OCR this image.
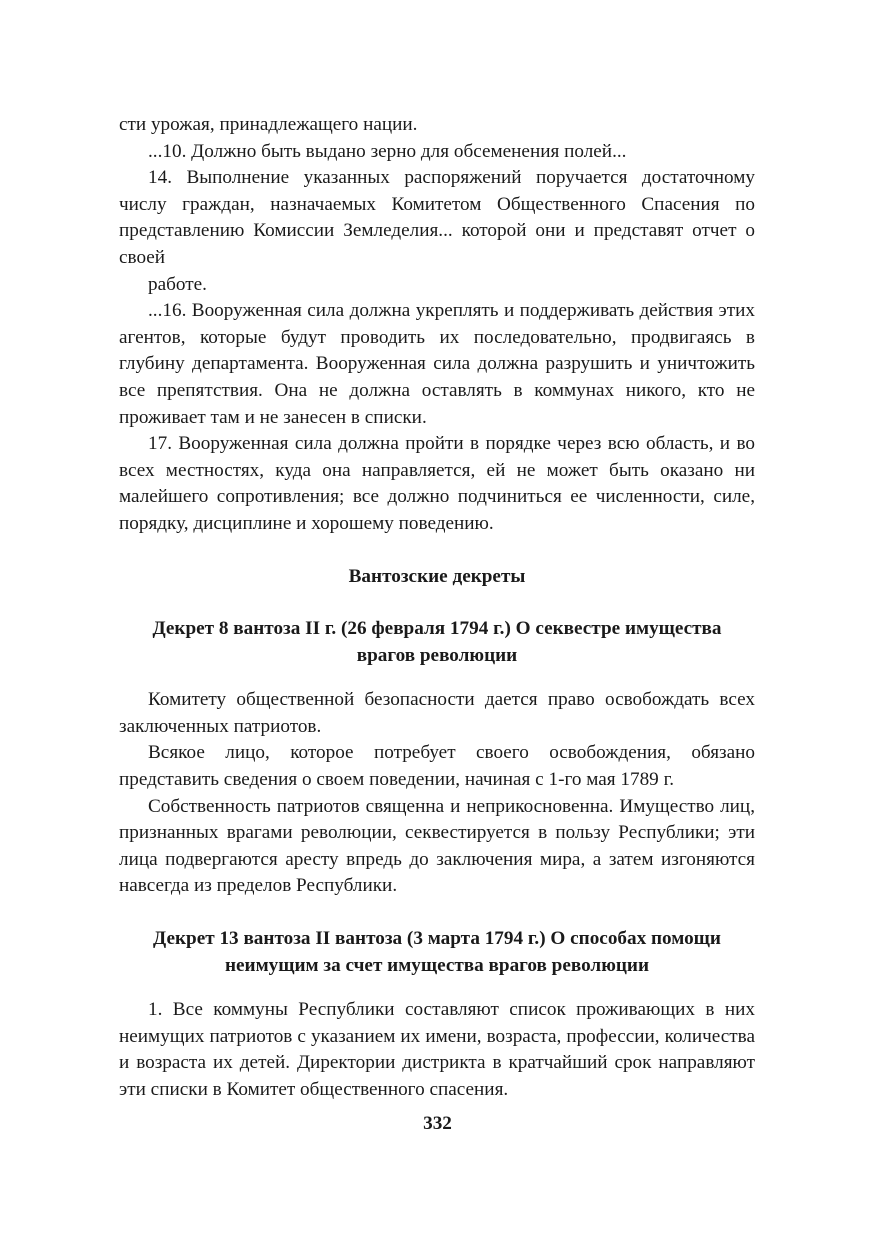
сти урожая, принадлежащего нации.

...10. Должно быть выдано зерно для обсеменения полей...

14. Выполнение указанных распоряжений поручается достаточному числу граждан, назначаемых Комитетом Общественного Спасения по представлению Комиссии Земледелия... которой они и представят отчет о своей

работе.

...16. Вооруженная сила должна укреплять и поддерживать действия этих агентов, которые будут проводить их последовательно, продвигаясь в глубину департамента. Вооруженная сила должна разрушить и уничтожить все препятствия. Она не должна оставлять в коммунах никого, кто не проживает там и не занесен в списки.

17. Вооруженная сила должна пройти в порядке через всю область, и во всех местностях, куда она направляется, ей не может быть оказано ни малейшего сопротивления; все должно подчиниться ее численности, силе, порядку, дисциплине и хорошему поведению.

Вантозские декреты

Декрет 8 вантоза II г. (26 февраля 1794 г.) О секвестре имущества врагов революции

Комитету общественной безопасности дается право освобождать всех заключенных патриотов.

Всякое лицо, которое потребует своего освобождения, обязано представить сведения о своем поведении, начиная с 1-го мая 1789 г.

Собственность патриотов священна и неприкосновенна. Имущество лиц, признанных врагами революции, секвестируется в пользу Республики; эти лица подвергаются аресту впредь до заключения мира, а затем изгоняются навсегда из пределов Республики.

Декрет 13 вантоза II вантоза (3 марта 1794 г.) О способах помощи неимущим за счет имущества врагов революции

1. Все коммуны Республики составляют список проживающих в них неимущих патриотов с указанием их имени, возраста, профессии, количества и возраста их детей. Директории дистрикта в кратчайший срок направляют эти списки в Комитет общественного спасения.

332
